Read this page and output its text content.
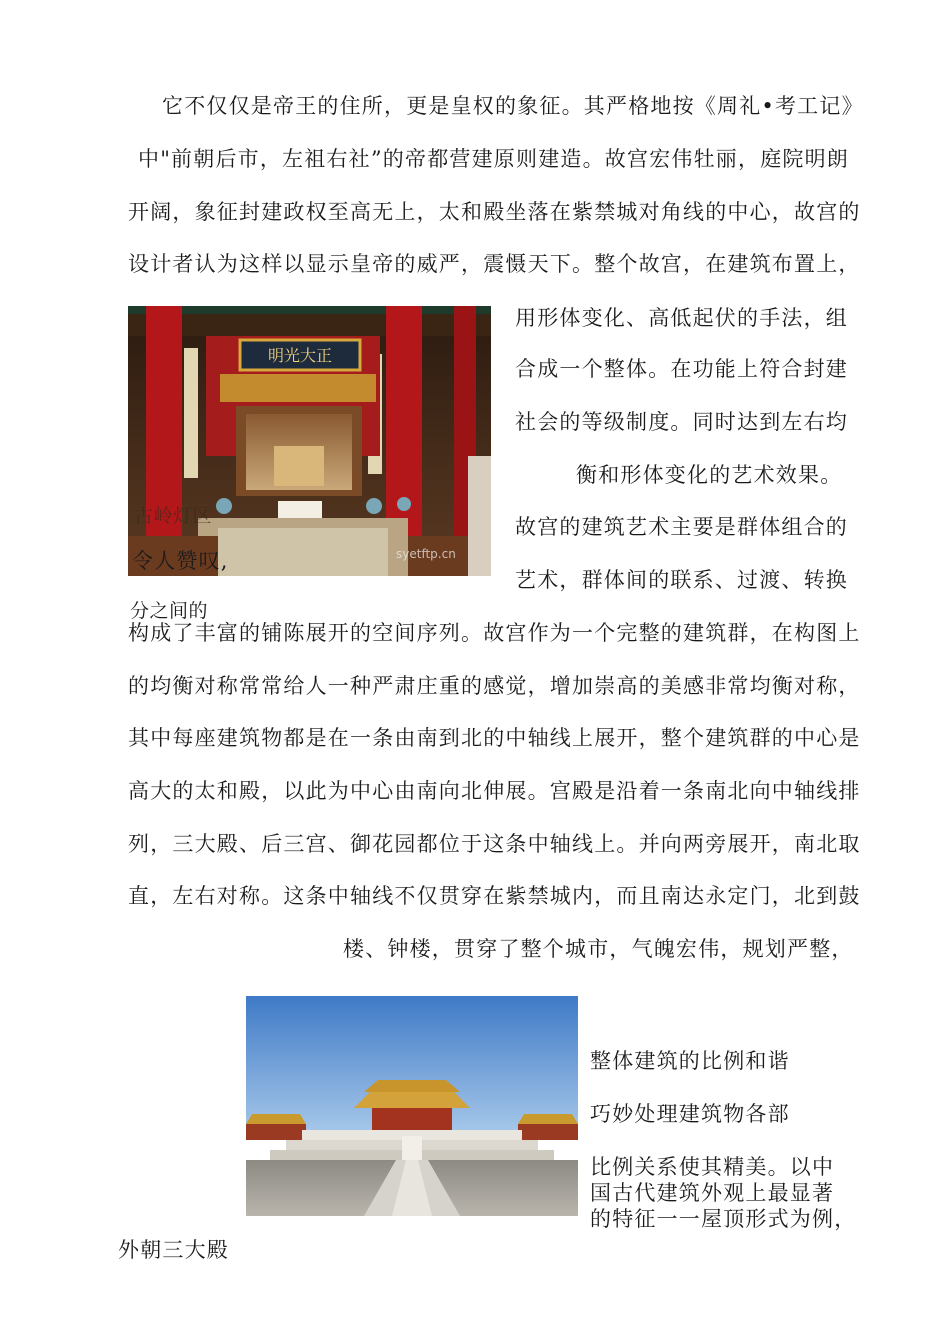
它不仅仅是帝王的住所，更是皇权的象征。其严格地按《周礼•考工记》
中"前朝后市，左祖右社”的帝都营建原则建造。故宫宏伟牡丽，庭院明朗
开阔，象征封建政权至高无上，太和殿坐落在紫禁城对角线的中心，故宫的
设计者认为这样以显示皇帝的威严，震慑天下。整个故宫，在建筑布置上，
正大光明
syetftp.cn
古岭灯区
令人赞叹,
分之间的
用形体变化、高低起伏的手法，组
合成一个整体。在功能上符合封建
社会的等级制度。同时达到左右均
衡和形体变化的艺术效果。
故宫的建筑艺术主要是群体组合的
艺术，群体间的联系、过渡、转换
构成了丰富的铺陈展开的空间序列。故宫作为一个完整的建筑群，在构图上
的均衡对称常常给人一种严肃庄重的感觉，增加崇高的美感非常均衡对称，
其中每座建筑物都是在一条由南到北的中轴线上展开，整个建筑群的中心是
高大的太和殿，以此为中心由南向北伸展。宫殿是沿着一条南北向中轴线排
列，三大殿、后三宫、御花园都位于这条中轴线上。并向两旁展开，南北取
直，左右对称。这条中轴线不仅贯穿在紫禁城内，而且南达永定门，北到鼓
楼、钟楼，贯穿了整个城市，气魄宏伟，规划严整，
整体建筑的比例和谐
巧妙处理建筑物各部
比例关系使其精美。以中
国古代建筑外观上最显著
的特征一一屋顶形式为例，
外朝三大殿
